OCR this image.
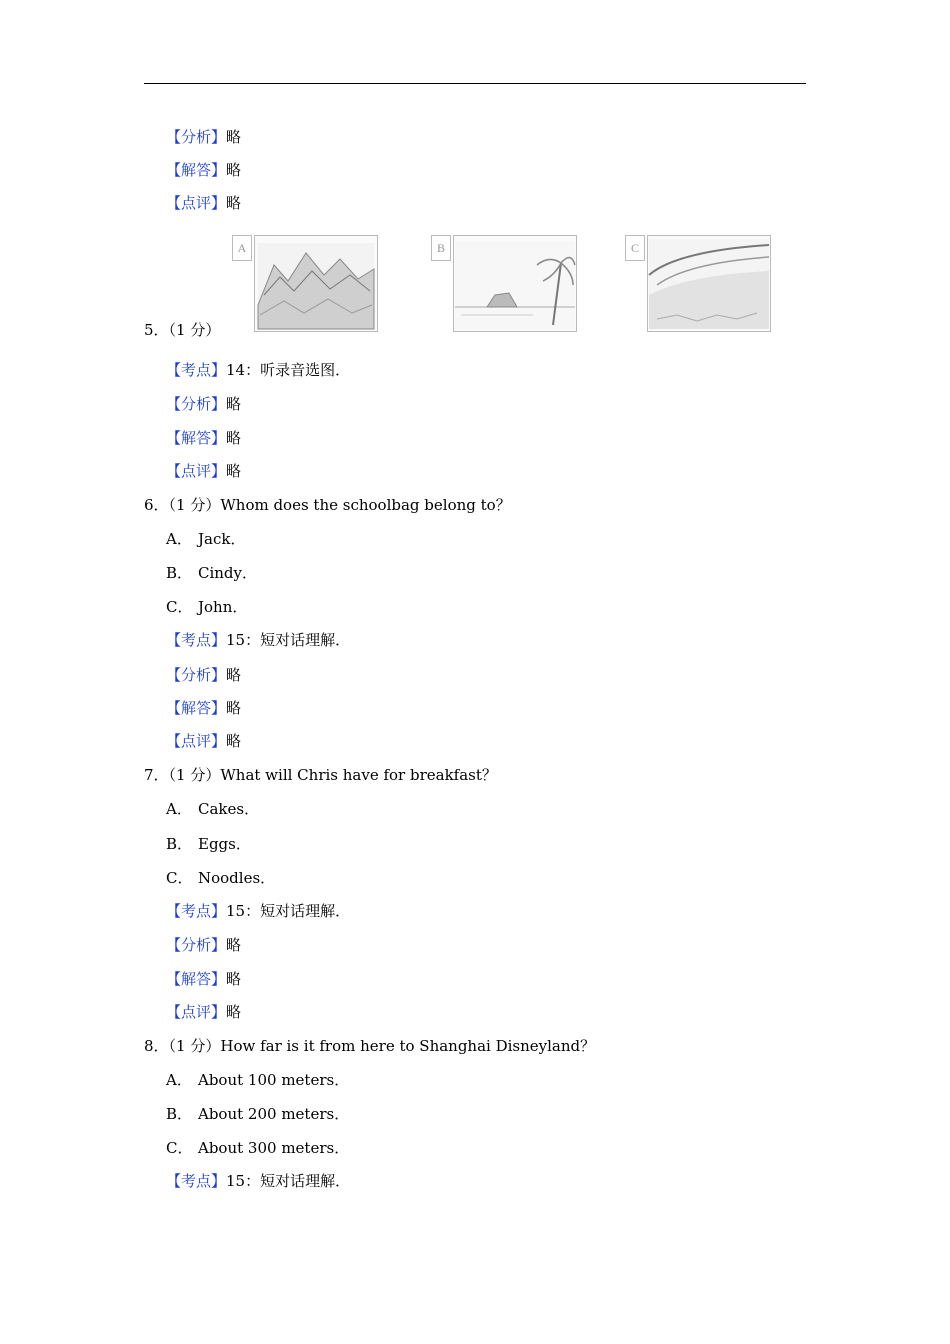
【分析】略
【解答】略
【点评】略
A	B	C
5．（1 分）
【考点】14：听录音选图．
【分析】略
【解答】略
【点评】略
6．（1 分）Whom does the schoolbag belong to？
A． Jack．
B． Cindy．
C． John．
【考点】15：短对话理解．
【分析】略
【解答】略
【点评】略
7．（1 分）What will Chris have for breakfast？
A． Cakes．
B． Eggs．
C． Noodles．
【考点】15：短对话理解．
【分析】略
【解答】略
【点评】略
8．（1 分）How far is it from here to Shanghai Disneyland？
A． About 100 meters．
B． About 200 meters．
C． About 300 meters．
【考点】15：短对话理解．
